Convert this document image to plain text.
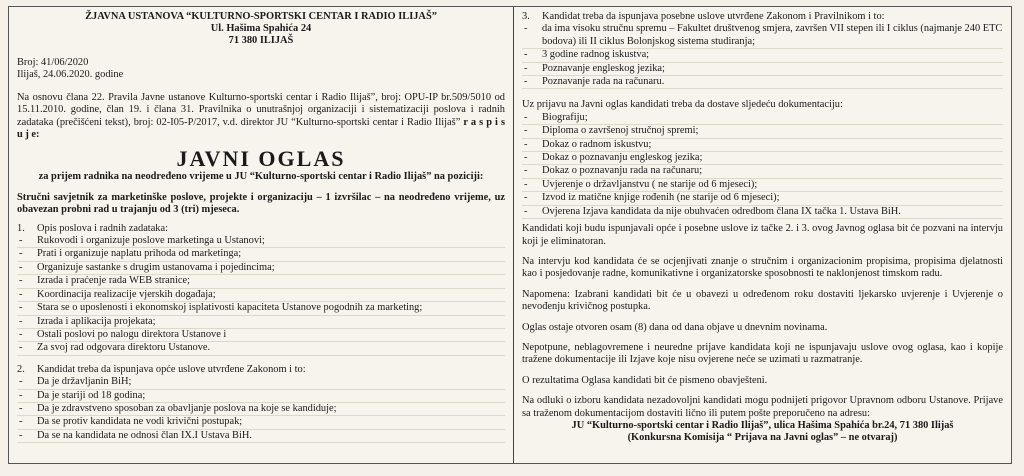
ŽJAVNA USTANOVA “KULTURNO-SPORTSKI CENTAR I RADIO ILIJAŠ”
Ul. Hašima Spahića 24
71 380 ILIJAŠ
Broj: 41/06/2020
Ilijaš, 24.06.2020. godine
Na osnovu člana 22. Pravila Javne ustanove Kulturno-sportski centar i Radio Ilijaš”, broj: OPU-IP br.509/5010 od 15.11.2010. godine, član 19. i člana 31. Pravilnika o unutrašnjoj organizaciji i sistematizaciji poslova i radnih zadataka (prečišćeni tekst), broj: 02-I05-P/2017, v.d. direktor JU “Kulturno-sportski centar i Radio Ilijaš” r a s p i s u j e:
JAVNI OGLAS
za prijem radnika na neodređeno vrijeme u JU “Kulturno-sportski centar i Radio Ilijaš” na poziciji:
Stručni savjetnik za marketinške poslove, projekte i organizaciju – 1 izvršilac – na neodređeno vrijeme, uz obavezan probni rad u trajanju od 3 (tri) mjeseca.
1.	Opis poslova i radnih zadataka:
- Rukovodi i organizuje poslove marketinga u Ustanovi;
- Prati i organizuje naplatu prihoda od marketinga;
- Organizuje sastanke s drugim ustanovama i pojedincima;
- Izrada i praćenje rada WEB stranice;
- Koordinacija realizacije vjerskih događaja;
- Stara se o uposlenosti i ekonomskoj isplativosti kapaciteta Ustanove pogodnih za marketing;
- Izrada i aplikacija projekata;
- Ostali poslovi po nalogu direktora Ustanove i
- Za svoj rad odgovara direktoru Ustanove.
2.	Kandidat treba da ispunjava opće uslove utvrđene Zakonom i to:
- Da je državljanin BiH;
- Da je stariji od 18 godina;
- Da je zdravstveno sposoban za obavljanje poslova na koje se kandiduje;
- Da se protiv kandidata ne vodi krivični postupak;
- Da se na kandidata ne odnosi član IX.I Ustava BiH.
3.	Kandidat treba da ispunjava posebne uslove utvrđene Zakonom i Pravilnikom i to:
- da ima visoku stručnu spremu – Fakultet društvenog smjera, završen VII stepen ili I ciklus (najmanje 240 ETC bodova) ili II ciklus Bolonjskog sistema studiranja;
- 3 godine radnog iskustva;
- Poznavanje engleskog jezika;
- Poznavanje rada na računaru.
Uz prijavu na Javni oglas kandidati treba da dostave sljedeću dokumentaciju:
- Biografiju;
- Diploma o završenoj stručnoj spremi;
- Dokaz o radnom iskustvu;
- Dokaz o poznavanju engleskog jezika;
- Dokaz o poznavanju rada na računaru;
- Uvjerenje o državljanstvu ( ne starije od 6 mjeseci);
- Izvod iz matične knjige rođenih (ne starije od 6 mjeseci);
- Ovjerena Izjava kandidata da nije obuhvaćen odredbom člana IX tačka 1. Ustava BiH.
Kandidati koji budu ispunjavali opće i posebne uslove iz tačke 2. i 3. ovog Javnog oglasa bit će pozvani na intervju koji je eliminatoran.
Na intervju kod kandidata će se ocjenjivati znanje o stručnim i organizacionim propisima, propisima djelatnosti kao i posjedovanje radne, komunikativne i organizatorske sposobnosti te naklonjenost timskom radu.
Napomena: Izabrani kandidati bit će u obavezi u određenom roku dostaviti ljekarsko uvjerenje i Uvjerenje o nevođenju krivičnog postupka.
Oglas ostaje otvoren osam (8) dana od dana objave u dnevnim novinama.
Nepotpune, neblagovremene i neuredne prijave kandidata koji ne ispunjavaju uslove ovog oglasa, kao i kopije tražene dokumentacije ili Izjave koje nisu ovjerene neće se uzimati u razmatranje.
O rezultatima Oglasa kandidati bit će pismeno obavješteni.
Na odluki o izboru kandidata nezadovoljni kandidati mogu podnijeti prigovor Upravnom odboru Ustanove. Prijave sa traženom dokumentacijom dostaviti lično ili putem pošte preporučeno na adresu:
JU “Kulturno-sportski centar i Radio Ilijaš”, ulica Hašima Spahića br.24, 71 380 Ilijaš
(Konkursna Komisija “ Prijava na Javni oglas” – ne otvaraj)
